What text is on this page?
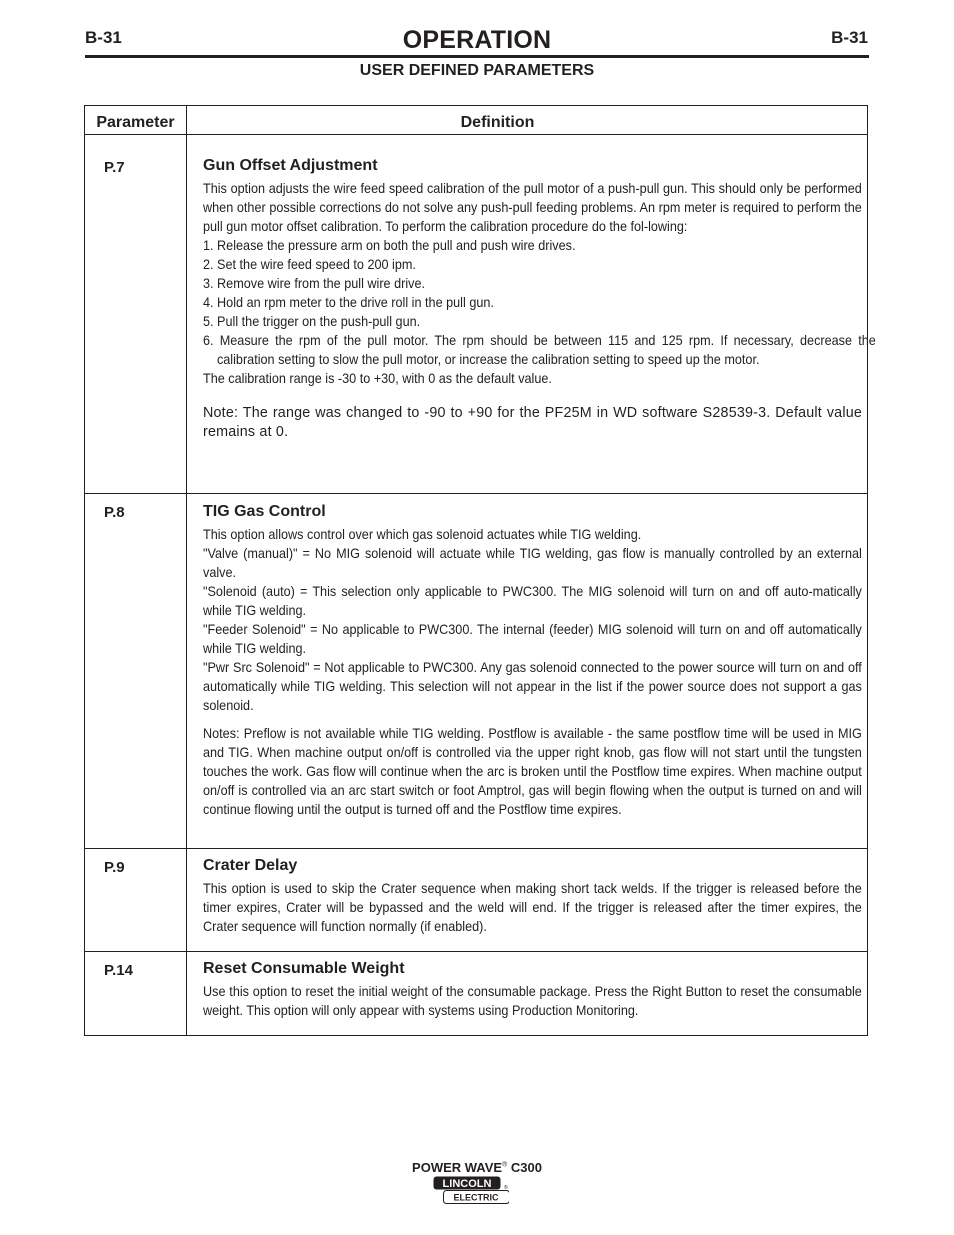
B-31	B-31
OPERATION
USER DEFINED PARAMETERS
Parameter	Definition
P.7	Gun Offset Adjustment

This option adjusts the wire feed speed calibration of the pull motor of a push-pull gun. This should only be performed when other possible corrections do not solve any push-pull feeding problems. An rpm meter is required to perform the pull gun motor offset calibration. To perform the calibration procedure do the fol-lowing:

1. Release the pressure arm on both the pull and push wire drives.

2. Set the wire feed speed to 200 ipm.

3. Remove wire from the pull wire drive.

4. Hold an rpm meter to the drive roll in the pull gun.

5. Pull the trigger on the push-pull gun.

6. Measure the rpm of the pull motor. The rpm should be between 115 and 125 rpm. If necessary, decrease the calibration setting to slow the pull motor, or increase the calibration setting to speed up the motor.

The calibration range is -30 to +30, with 0 as the default value.

Note: The range was changed to -90 to +90 for the PF25M in WD software S28539-3. Default value remains at 0.
P.8	TIG Gas Control

This option allows control over which gas solenoid actuates while TIG welding.

"Valve (manual)" = No MIG solenoid will actuate while TIG welding, gas flow is manually controlled by an external valve.

"Solenoid (auto) = This selection only applicable to PWC300. The MIG solenoid will turn on and off auto-matically while TIG welding.

"Feeder Solenoid" = No applicable to PWC300. The internal (feeder) MIG solenoid will turn on and off automatically while TIG welding.

"Pwr Src Solenoid" = Not applicable to PWC300. Any gas solenoid connected to the power source will turn on and off automatically while TIG welding. This selection will not appear in the list if the power source does not support a gas solenoid.

Notes: Preflow is not available while TIG welding. Postflow is available - the same postflow time will be used in MIG and TIG. When machine output on/off is controlled via the upper right knob, gas flow will not start until the tungsten touches the work. Gas flow will continue when the arc is broken until the Postflow time expires. When machine output on/off is controlled via an arc start switch or foot Amptrol, gas will begin flowing when the output is turned on and will continue flowing until the output is turned off and the Postflow time expires.

P.9	Crater Delay

This option is used to skip the Crater sequence when making short tack welds. If the trigger is released before the timer expires, Crater will be bypassed and the weld will end. If the trigger is released after the timer expires, the Crater sequence will function normally (if enabled).

P.14	Reset Consumable Weight

Use this option to reset the initial weight of the consumable package. Press the Right Button to reset the consumable weight. This option will only appear with systems using Production Monitoring.

POWER WAVE® C300
LINCOLN	®
ELECTRIC
